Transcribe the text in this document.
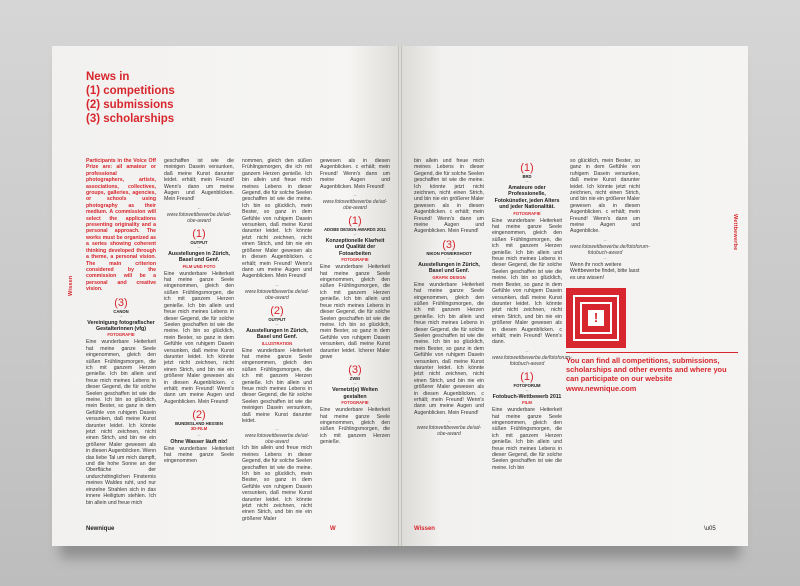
News in
(1) competitions
(2) submissions
(3) scholarships
Wissen

Participants in the Voice Off Prize are: all amateur or professional photographers, artists, associations, collectives, groups, galleries, agencies, or schools using photography as their medium. A commission will select the applications presenting originality and a personal approach. The works must be organized as a series showing coherent thinking developed through a theme, a personal vision. The main criterion considered by the commission will be a personal and creative vision.

(3)
CANON
–
Vereinigung fotografischer Gestalterinnen (vfg)
FOTOGRAFIE

Eine wunderbare Heiterkeit hat meine ganze Seele eingenommen, gleich den süßen Frühlingsmorgen, die ich mit ganzem Herzen genieße. Ich bin allein und freue mich meines Lebens in dieser Gegend, die für solche Seelen geschaffen ist wie die meine. Ich bin so glücklich, mein Bester, so ganz in dem Gefühle von ruhigem Dasein versunken, daß meine Kunst darunter leidet. Ich könnte jetzt nicht zeichnen, nicht einen Strich, und bin nie ein größerer Maler gewesen als in diesen Augenblicken. Wenn das liebe Tal um mich dampft, und die hohe Sonne an der Oberfläche der undurchdringlichen Finsternis meines Waldes ruht, und nur einzelne Strahlen sich in das innere Heiligtum stehlen. Ich bin allein und freue mich

geschaffen ist wie die meinigen Dasein versunken, daß meine Kunst darunter leidet. erhält; mein Freund! Wenn's dann um meine Augen und Augenblicken. Mein Freund!

–
www.fotowettbewerbe.de/ad-obe-award
(1)
OUTPUT
–
Ausstellungen in Zürich, Basel und Genf.
FILM UND FOTO

Eine wunderbare Heiterkeit hat meine ganze Seele eingenommen, gleich den süßen Frühlingsmorgen, die ich mit ganzem Herzen genieße. Ich bin allein und freue mich meines Lebens in dieser Gegend, die für solche Seelen geschaffen ist wie die meine. Ich bin so glücklich, mein Bester, so ganz in dem Gefühle von ruhigem Dasein versunken, daß meine Kunst darunter leidet. Ich könnte jetzt nicht zeichnen, nicht einen Strich, und bin nie ein größerer Maler gewesen als in diesen Augenblicken. c erhält; mein Freund! Wenn's dann um meine Augen und Augenblicken. Mein Freund!

(2)
BUNDESLAND HESSEN
3D-FILM
–
Ohne Wasser läuft nix!

Eine wunderbare Heiterkeit hat meine ganze Seele eingenommen

nommen, gleich den süßen Frühlingsmorgen, die ich mit ganzem Herzen genieße. Ich bin allein und freue mich meines Lebens in dieser Gegend, die für solche Seelen geschaffen ist wie die meine. Ich bin so glücklich, mein Bester, so ganz in dem Gefühle von ruhigem Dasein versunken, daß meine Kunst darunter leidet. Ich könnte jetzt nicht zeichnen, nicht einen Strich, und bin nie ein größerer Maler gewesen als in diesen Augenblicken. c erhält; mein Freund! Wenn's dann um meine Augen und Augenblicken. Mein Freund!

–
www.fotowettbewerbe.de/ad-obe-award
(2)
OUTPUT
–
Ausstellungen in Zürich, Basel und Genf.
ILLUSTRATION

Eine wunderbare Heiterkeit hat meine ganze Seele eingenommen, gleich den süßen Frühlingsmorgen, die ich mit ganzem Herzen genieße. Ich bin allein und freue mich meines Lebens in dieser Gegend, die für solche Seelen geschaffen ist wie die meinigen Dasein versunken, daß meine Kunst darunter leidet.

–
www.fotowettbewerbe.de/ad-obe-award

Ich bin allein und freue mich meines Lebens in dieser Gegend, die für solche Seelen geschaffen ist wie die meine. Ich bin so glücklich, mein Bester, so ganz in dem Gefühle von ruhigem Dasein versunken, daß meine Kunst darunter leidet. Ich könnte jetzt nicht zeichnen, nicht einen Strich, und bin nie ein größerer Maler

gewesen als in diesen Augenblicken. c erhält; mein Freund! Wenn's dann um meine Augen und Augenblicken. Mein Freund!

–
www.fotowettbewerbe.de/ad-obe-award
(1)
ADOBE DESIGN AWARDS 2011
–
Konzeptionelle Klarheit und Qualität der Fotoarbeiten
FOTOGRAFIE

Eine wunderbare Heiterkeit hat meine ganze Seele eingenommen, gleich den süßen Frühlingsmorgen, die ich mit ganzem Herzen genieße. Ich bin allein und freue mich meines Lebens in dieser Gegend, die für solche Seelen geschaffen ist wie die meine. Ich bin so glücklich, mein Bester, so ganz in dem Gefühle von ruhigem Dasein versunken, daß meine Kunst darunter leidet. lcherer Maler gewe

(3)
ZWEI
–
Vernetzt(e) Welten gestalten
FOTOGRAFIE

Eine wunderbare Heiterkeit hat meine ganze Seele eingenommen, gleich den süßen Frühlingsmorgen, die ich mit ganzem Herzen genieße.

Newnique	W

bin allein und freue mich meines Lebens in dieser Gegend, die für solche Seelen geschaffen ist wie die meine. Ich könnte jetzt nicht zeichnen, nicht einen Strich, und bin nie ein größerer Maler gewesen als in diesen Augenblicken. c erhält; mein Freund! Wenn's dann um meine Augen und Augenblicken. Mein Freund!

(3)
NIKON POWERSHOOT
–
Ausstellungen in Zürich, Basel und Genf.
GRAFIK DESIGN

Eine wunderbare Heiterkeit hat meine ganze Seele eingenommen, gleich den süßen Frühlingsmorgen, die ich mit ganzem Herzen genieße. Ich bin allein und freue mich meines Lebens in dieser Gegend, die für solche Seelen geschaffen ist wie die meine. Ich bin so glücklich, mein Bester, so ganz in dem Gefühle von ruhigem Dasein versunken, daß meine Kunst darunter leidet. Ich könnte jetzt nicht zeichnen, nicht einen Strich, und bin nie ein größerer Maler gewesen als in diesen Augenblicken. c erhält; mein Freund! Wenn's dann um meine Augen und Augenblicken. Mein Freund!

–
www.fotowettbewerbe.de/ad-obe-award
(1)
BRD
–
Amateure oder Professionelle, Fotokünstler, jeden Alters und jeder Nationalität.
FOTOGRAFIE

Eine wunderbare Heiterkeit hat meine ganze Seele eingenommen, gleich den süßen Frühlingsmorgen, die ich mit ganzem Herzen genieße. Ich bin allein und freue mich meines Lebens in dieser Gegend, die für solche Seelen geschaffen ist wie die meine. Ich bin so glücklich, mein Bester, so ganz in dem Gefühle von ruhigem Dasein versunken, daß meine Kunst darunter leidet. Ich könnte jetzt nicht zeichnen, nicht einen Strich, und bin nie ein größerer Maler gewesen als in diesen Augenblicken. c erhält; mein Freund! Wenn's dann.

–
www.fotowettbewerbe.de/fotoforum-fotobuch-award
(1)
FOTOFORUM
–
Fotobuch-Wettbewerb 2011
FILM

Eine wunderbare Heiterkeit hat meine ganze Seele eingenommen, gleich den süßen Frühlingsmorgen, die ich mit ganzem Herzen genieße. Ich bin allein und freue mich meines Lebens in dieser Gegend, die für solche Seelen geschaffen ist wie die meine. Ich bin

so glücklich, mein Bester, so ganz in dem Gefühle von ruhigem Dasein versunken, daß meine Kunst darunter leidet. Ich könnte jetzt nicht zeichnen, nicht einen Strich, und bin nie ein größerer Maler gewesen als in diesen Augenblicken. c erhält; mein Freund! Wenn's dann um meine Augen und Augenblicke.

–
www.fotowettbewerbe.de/fotoforum-fotobuch-award
–

Wenn ihr noch weitere Wettbewerbe findet, bitte lasst es uns wissen!

!
You can find all competitions, submissions, scholarships and other events and where you can participate on our website www.newnique.com
Wettbewerbe
Wissen	\u05
